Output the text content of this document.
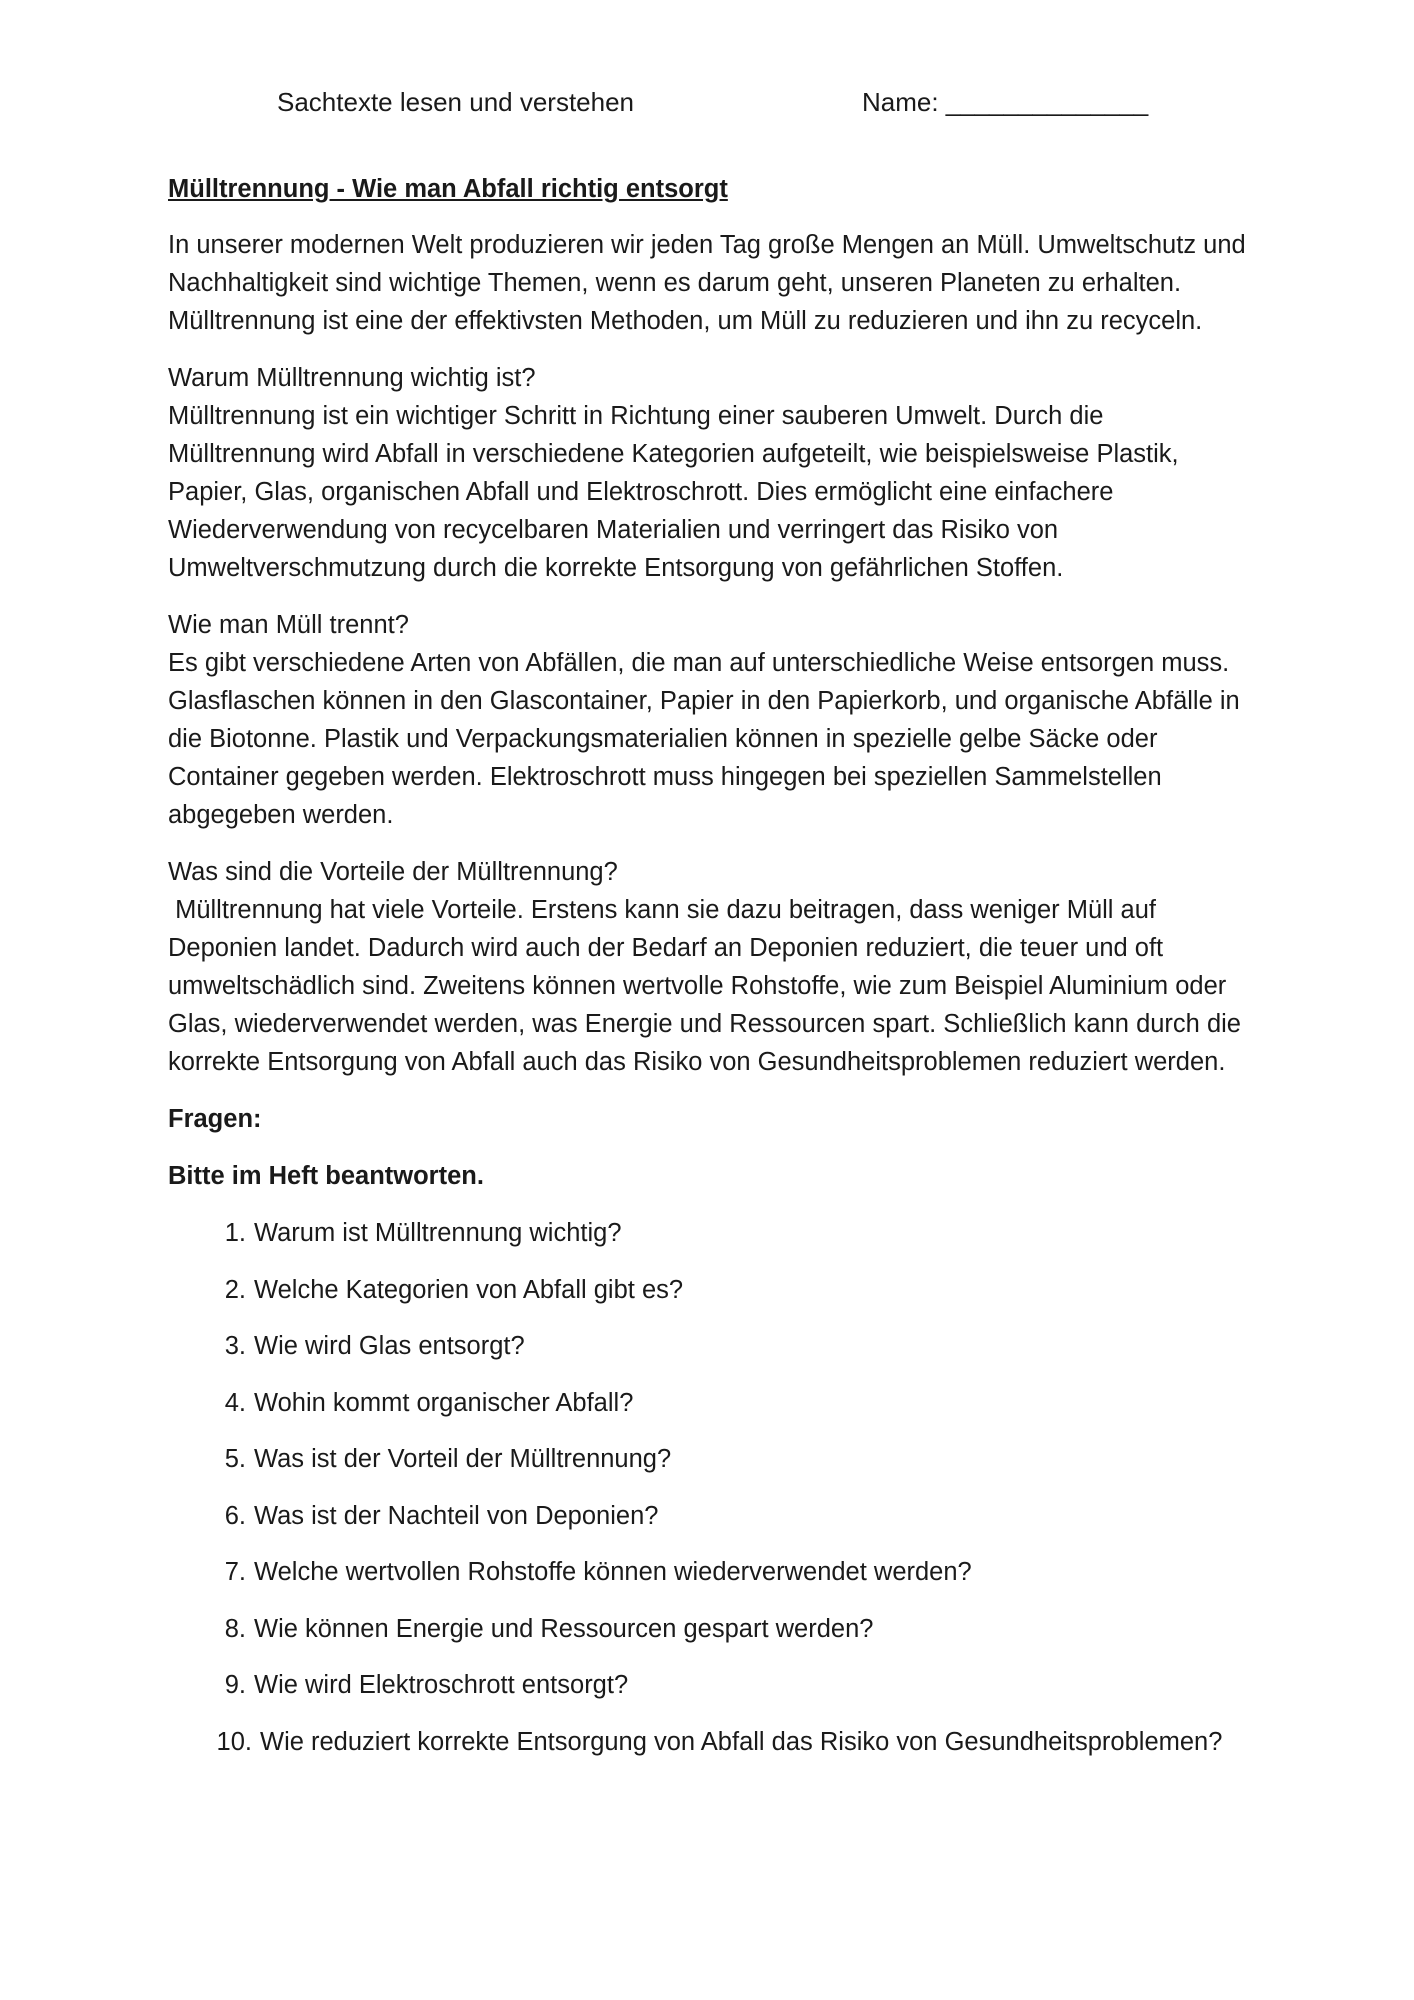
Sachtexte lesen und verstehen	Name: ______________
Mülltrennung - Wie man Abfall richtig entsorgt
In unserer modernen Welt produzieren wir jeden Tag große Mengen an Müll. Umweltschutz und Nachhaltigkeit sind wichtige Themen, wenn es darum geht, unseren Planeten zu erhalten. Mülltrennung ist eine der effektivsten Methoden, um Müll zu reduzieren und ihn zu recyceln.
Warum Mülltrennung wichtig ist?
Mülltrennung ist ein wichtiger Schritt in Richtung einer sauberen Umwelt. Durch die Mülltrennung wird Abfall in verschiedene Kategorien aufgeteilt, wie beispielsweise Plastik, Papier, Glas, organischen Abfall und Elektroschrott. Dies ermöglicht eine einfachere Wiederverwendung von recycelbaren Materialien und verringert das Risiko von Umweltverschmutzung durch die korrekte Entsorgung von gefährlichen Stoffen.
Wie man Müll trennt?
Es gibt verschiedene Arten von Abfällen, die man auf unterschiedliche Weise entsorgen muss. Glasflaschen können in den Glascontainer, Papier in den Papierkorb, und organische Abfälle in die Biotonne. Plastik und Verpackungsmaterialien können in spezielle gelbe Säcke oder Container gegeben werden. Elektroschrott muss hingegen bei speziellen Sammelstellen abgegeben werden.
Was sind die Vorteile der Mülltrennung?
Mülltrennung hat viele Vorteile. Erstens kann sie dazu beitragen, dass weniger Müll auf Deponien landet. Dadurch wird auch der Bedarf an Deponien reduziert, die teuer und oft umweltschädlich sind. Zweitens können wertvolle Rohstoffe, wie zum Beispiel Aluminium oder Glas, wiederverwendet werden, was Energie und Ressourcen spart. Schließlich kann durch die korrekte Entsorgung von Abfall auch das Risiko von Gesundheitsproblemen reduziert werden.
Fragen:
Bitte im Heft beantworten.
1. Warum ist Mülltrennung wichtig?
2. Welche Kategorien von Abfall gibt es?
3. Wie wird Glas entsorgt?
4. Wohin kommt organischer Abfall?
5. Was ist der Vorteil der Mülltrennung?
6. Was ist der Nachteil von Deponien?
7. Welche wertvollen Rohstoffe können wiederverwendet werden?
8. Wie können Energie und Ressourcen gespart werden?
9. Wie wird Elektroschrott entsorgt?
10. Wie reduziert korrekte Entsorgung von Abfall das Risiko von Gesundheitsproblemen?
